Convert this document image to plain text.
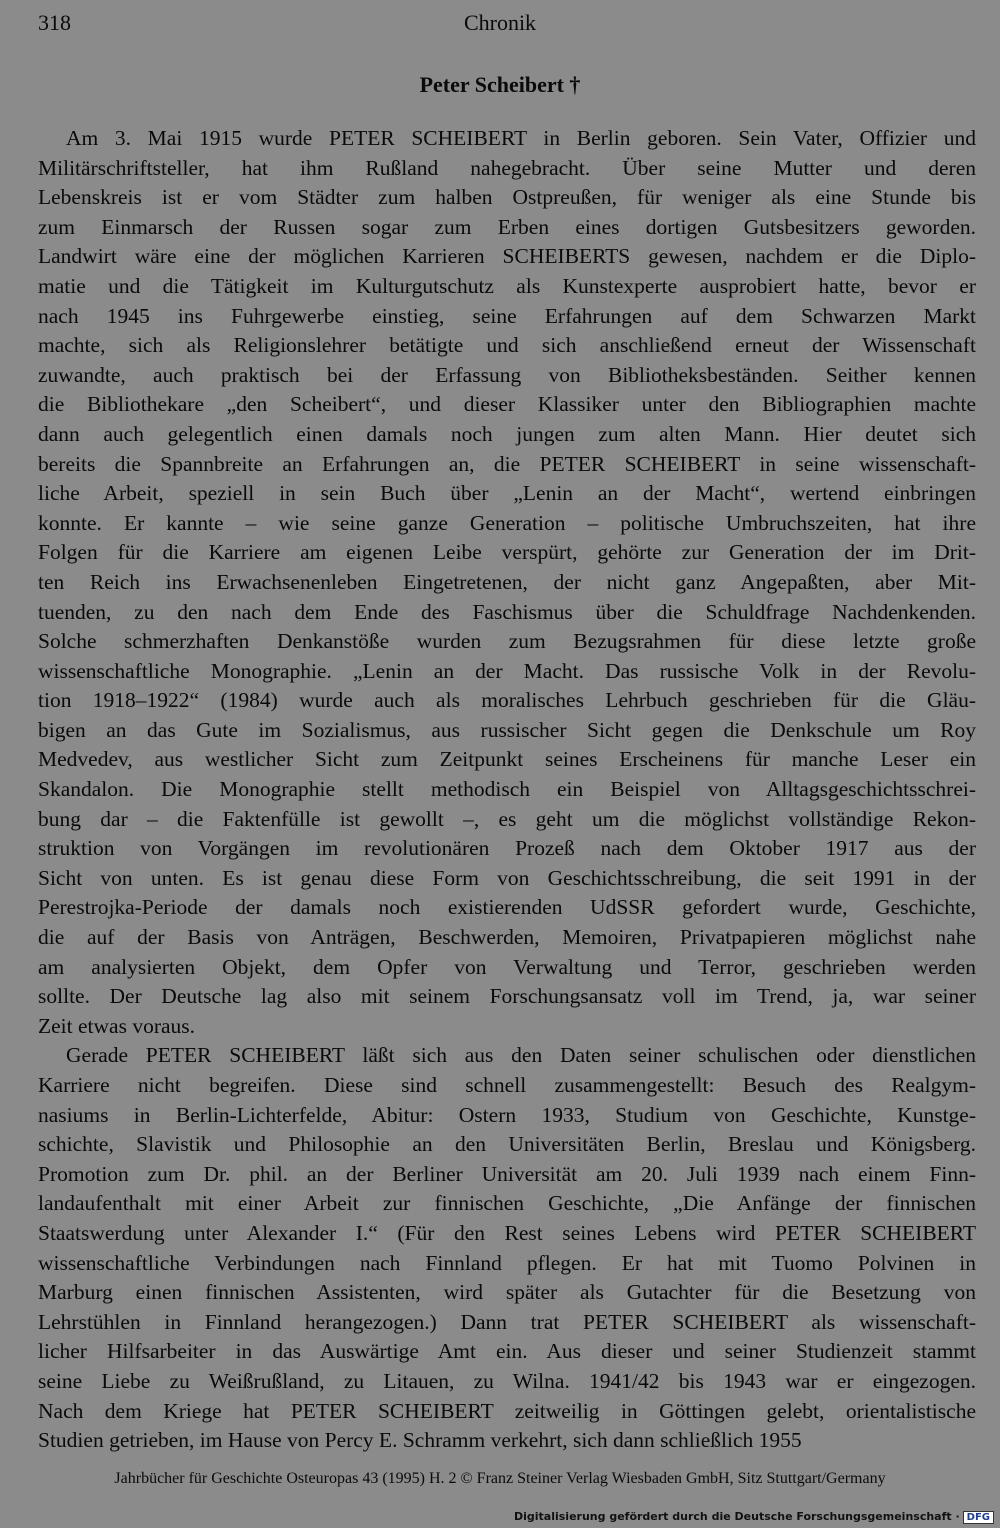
318	Chronik
Peter Scheibert †
Am 3. Mai 1915 wurde PETER SCHEIBERT in Berlin geboren. Sein Vater, Offizier und
Militärschriftsteller, hat ihm Rußland nahegebracht. Über seine Mutter und deren
Lebenskreis ist er vom Städter zum halben Ostpreußen, für weniger als eine Stunde bis
zum Einmarsch der Russen sogar zum Erben eines dortigen Gutsbesitzers geworden.
Landwirt wäre eine der möglichen Karrieren SCHEIBERTS gewesen, nachdem er die Diplo-
matie und die Tätigkeit im Kulturgutschutz als Kunstexperte ausprobiert hatte, bevor er
nach 1945 ins Fuhrgewerbe einstieg, seine Erfahrungen auf dem Schwarzen Markt
machte, sich als Religionslehrer betätigte und sich anschließend erneut der Wissenschaft
zuwandte, auch praktisch bei der Erfassung von Bibliotheksbeständen. Seither kennen
die Bibliothekare „den Scheibert“, und dieser Klassiker unter den Bibliographien machte
dann auch gelegentlich einen damals noch jungen zum alten Mann. Hier deutet sich
bereits die Spannbreite an Erfahrungen an, die PETER SCHEIBERT in seine wissenschaft-
liche Arbeit, speziell in sein Buch über „Lenin an der Macht“, wertend einbringen
konnte. Er kannte – wie seine ganze Generation – politische Umbruchszeiten, hat ihre
Folgen für die Karriere am eigenen Leibe verspürt, gehörte zur Generation der im Drit-
ten Reich ins Erwachsenenleben Eingetretenen, der nicht ganz Angepaßten, aber Mit-
tuenden, zu den nach dem Ende des Faschismus über die Schuldfrage Nachdenkenden.
Solche schmerzhaften Denkanstöße wurden zum Bezugsrahmen für diese letzte große
wissenschaftliche Monographie. „Lenin an der Macht. Das russische Volk in der Revolu-
tion 1918–1922“ (1984) wurde auch als moralisches Lehrbuch geschrieben für die Gläu-
bigen an das Gute im Sozialismus, aus russischer Sicht gegen die Denkschule um Roy
Medvedev, aus westlicher Sicht zum Zeitpunkt seines Erscheinens für manche Leser ein
Skandalon. Die Monographie stellt methodisch ein Beispiel von Alltagsgeschichtsschrei-
bung dar – die Faktenfülle ist gewollt –, es geht um die möglichst vollständige Rekon-
struktion von Vorgängen im revolutionären Prozeß nach dem Oktober 1917 aus der
Sicht von unten. Es ist genau diese Form von Geschichtsschreibung, die seit 1991 in der
Perestrojka-Periode der damals noch existierenden UdSSR gefordert wurde, Geschichte,
die auf der Basis von Anträgen, Beschwerden, Memoiren, Privatpapieren möglichst nahe
am analysierten Objekt, dem Opfer von Verwaltung und Terror, geschrieben werden
sollte. Der Deutsche lag also mit seinem Forschungsansatz voll im Trend, ja, war seiner
Zeit etwas voraus.
Gerade PETER SCHEIBERT läßt sich aus den Daten seiner schulischen oder dienstlichen
Karriere nicht begreifen. Diese sind schnell zusammengestellt: Besuch des Realgym-
nasiums in Berlin-Lichterfelde, Abitur: Ostern 1933, Studium von Geschichte, Kunstge-
schichte, Slavistik und Philosophie an den Universitäten Berlin, Breslau und Königsberg.
Promotion zum Dr. phil. an der Berliner Universität am 20. Juli 1939 nach einem Finn-
landaufenthalt mit einer Arbeit zur finnischen Geschichte, „Die Anfänge der finnischen
Staatswerdung unter Alexander I.“ (Für den Rest seines Lebens wird PETER SCHEIBERT
wissenschaftliche Verbindungen nach Finnland pflegen. Er hat mit Tuomo Polvinen in
Marburg einen finnischen Assistenten, wird später als Gutachter für die Besetzung von
Lehrstühlen in Finnland herangezogen.) Dann trat PETER SCHEIBERT als wissenschaft-
licher Hilfsarbeiter in das Auswärtige Amt ein. Aus dieser und seiner Studienzeit stammt
seine Liebe zu Weißrußland, zu Litauen, zu Wilna. 1941/42 bis 1943 war er eingezogen.
Nach dem Kriege hat PETER SCHEIBERT zeitweilig in Göttingen gelebt, orientalistische
Studien getrieben, im Hause von Percy E. Schramm verkehrt, sich dann schließlich 1955
Jahrbücher für Geschichte Osteuropas 43 (1995) H. 2 © Franz Steiner Verlag Wiesbaden GmbH, Sitz Stuttgart/Germany
Digitalisierung gefördert durch die Deutsche Forschungsgemeinschaft · DFG
